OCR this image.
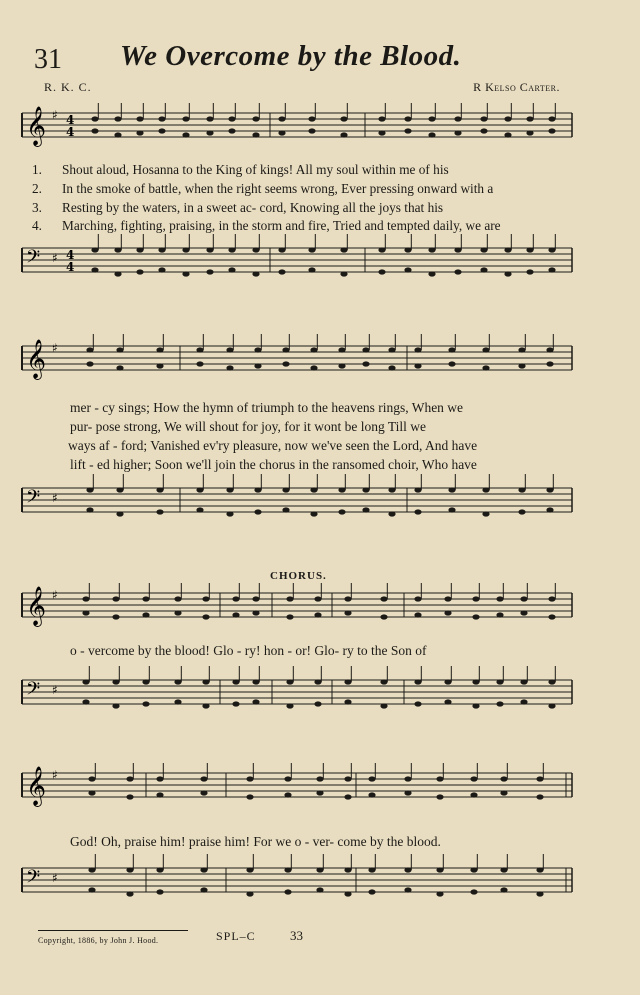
31 We Overcome by the Blood.
R. K. C.	R Kelso Carter.
𝄞 ♯ 4
4
1. Shout aloud, Hosanna to the King of kings! All my soul within me of his
2. In the smoke of battle, when the right seems wrong, Ever pressing onward with a
3. Resting by the waters, in a sweet ac- cord, Knowing all the joys that his
4. Marching, fighting, praising, in the storm and fire, Tried and tempted daily, we are
𝄢 ♯ 4
4
𝄞 ♯
mer - cy sings; How the hymn of triumph to the heavens rings, When we
pur- pose strong, We will shout for joy, for it wont be long Till we
ways af - ford; Vanished ev'ry pleasure, now we've seen the Lord, And have
lift - ed higher; Soon we'll join the chorus in the ransomed choir, Who have
𝄢 ♯
CHORUS.
𝄞 ♯
o - vercome by the blood! Glo - ry! hon - or! Glo- ry to the Son of
𝄢 ♯
𝄞 ♯
God! Oh, praise him! praise him! For we o - ver- come by the blood.
𝄢 ♯
Copyright, 1886, by John J. Hood.	SPL–C	33
